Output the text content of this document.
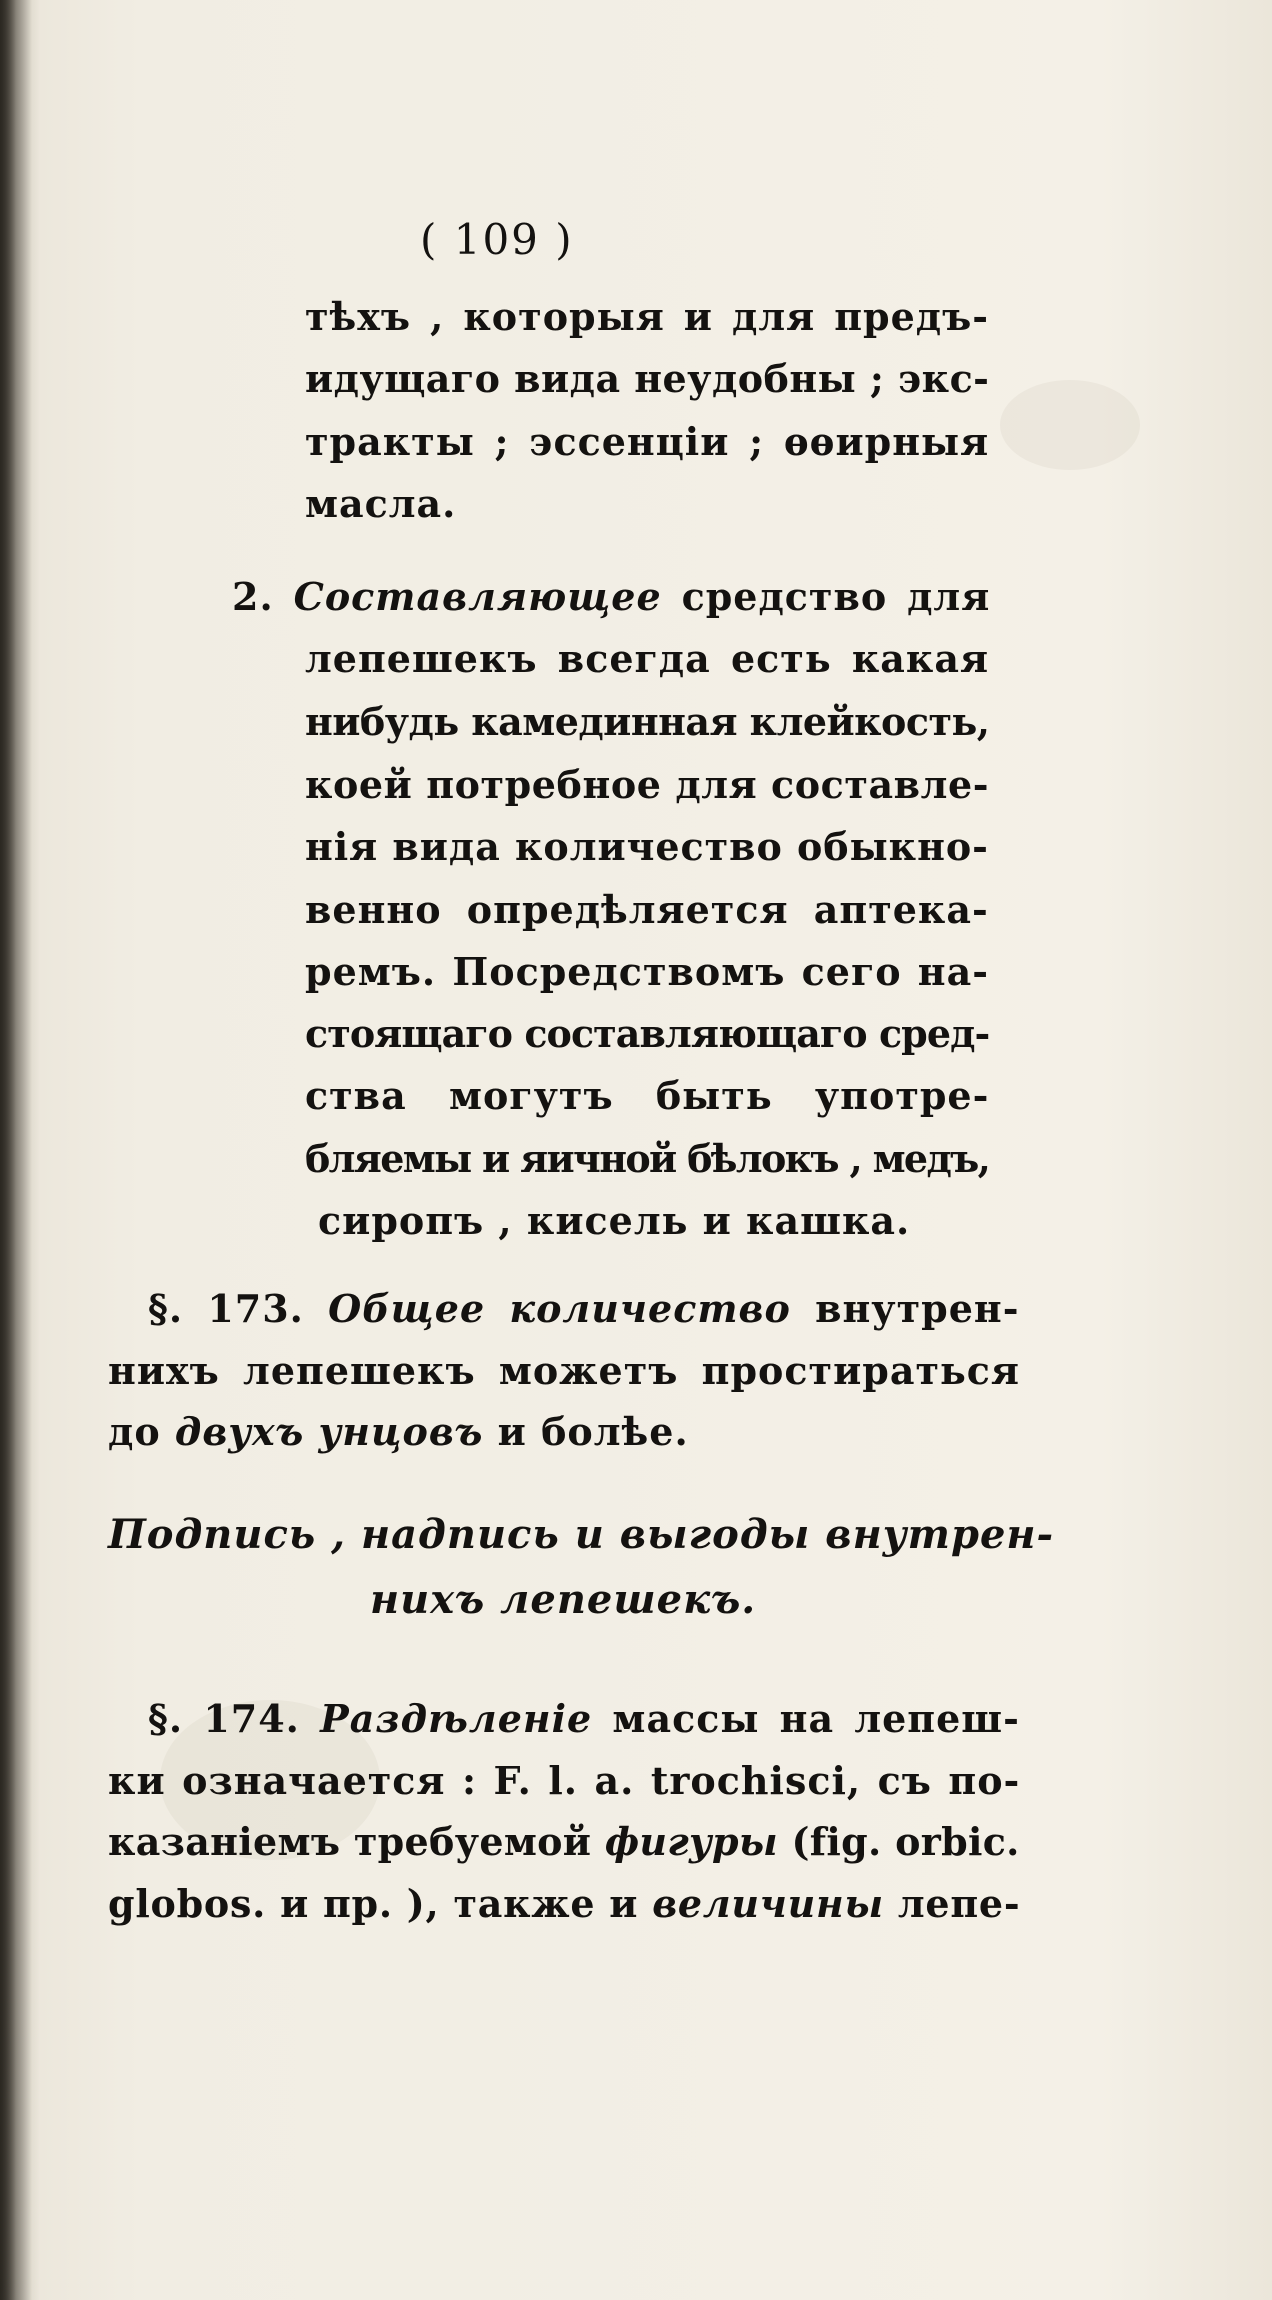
( 109 )
тѣхъ , которыя и для предъ-
идущаго вида неудобны ; экс-
тракты ; эссенціи ; ѳѳирныя
масла.
2. Составляющее средство для
лепешекъ всегда есть какая
нибудь камединная клейкость,
коей потребное для составле-
нія вида количество обыкно-
венно опредѣляется аптека-
ремъ. Посредствомъ сего на-
стоящаго составляющаго сред-
ства могутъ быть употре-
бляемы и яичной бѣлокъ , медъ,
сиропъ , кисель и кашка.
§. 173. Общее количество внутрен-
нихъ лепешекъ можетъ простираться
до двухъ унцовъ и болѣе.
§. 174. Раздѣленіе массы на лепеш-
ки означается : F. l. a. trochisci, съ по-
казаніемъ требуемой фигуры (fig. orbic.
globos. и пр. ), также и величины лепе-
Подпись , надпись и выгоды внутрен-
нихъ лепешекъ.
